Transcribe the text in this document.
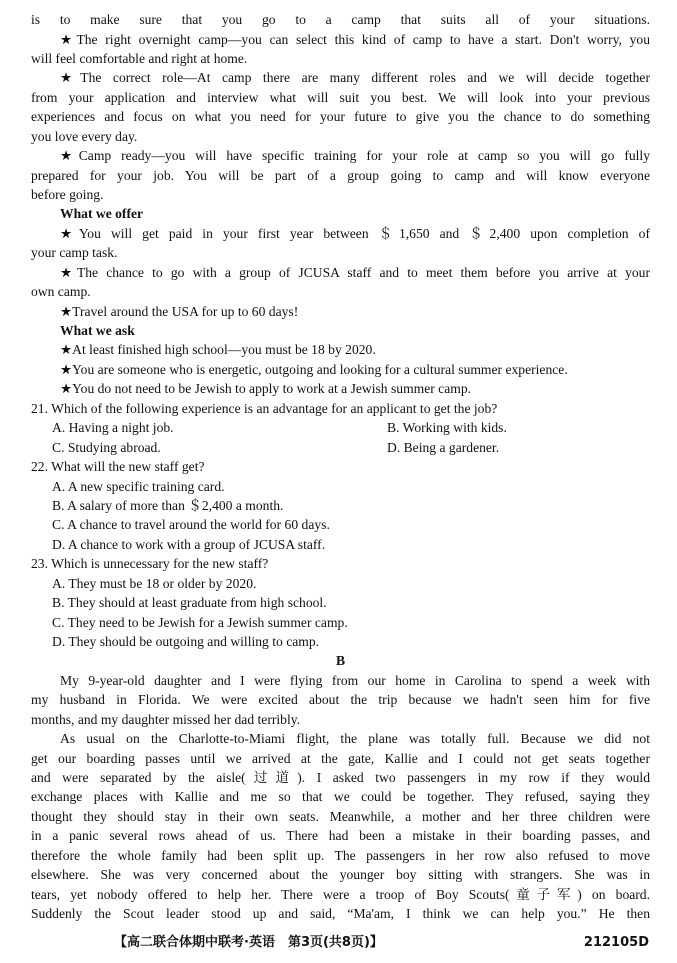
is to make sure that you go to a camp that suits all of your situations.
★The right overnight camp—you can select this kind of camp to have a start. Don't worry, you
will feel comfortable and right at home.
★The correct role—At camp there are many different roles and we will decide together
from your application and interview what will suit you best. We will look into your previous
experiences and focus on what you need for your future to give you the chance to do something
you love every day.
★Camp ready—you will have specific training for your role at camp so you will go fully
prepared for your job. You will be part of a group going to camp and will know everyone
before going.
What we offer
★You will get paid in your first year between ＄1,650 and ＄2,400 upon completion of
your camp task.
★The chance to go with a group of JCUSA staff and to meet them before you arrive at your
own camp.
★Travel around the USA for up to 60 days!
What we ask
★At least finished high school—you must be 18 by 2020.
★You are someone who is energetic, outgoing and looking for a cultural summer experience.
★You do not need to be Jewish to apply to work at a Jewish summer camp.
21. Which of the following experience is an advantage for an applicant to get the job?
A. Having a night job.	B. Working with kids.
C. Studying abroad.	D. Being a gardener.
22. What will the new staff get?
A. A new specific training card.
B. A salary of more than ＄2,400 a month.
C. A chance to travel around the world for 60 days.
D. A chance to work with a group of JCUSA staff.
23. Which is unnecessary for the new staff?
A. They must be 18 or older by 2020.
B. They should at least graduate from high school.
C. They need to be Jewish for a Jewish summer camp.
D. They should be outgoing and willing to camp.
B
My 9-year-old daughter and I were flying from our home in Carolina to spend a week with
my husband in Florida. We were excited about the trip because we hadn't seen him for five
months, and my daughter missed her dad terribly.
As usual on the Charlotte-to-Miami flight, the plane was totally full. Because we did not
get our boarding passes until we arrived at the gate, Kallie and I could not get seats together
and were separated by the aisle(过道). I asked two passengers in my row if they would
exchange places with Kallie and me so that we could be together. They refused, saying they
thought they should stay in their own seats. Meanwhile, a mother and her three children were
in a panic several rows ahead of us. There had been a mistake in their boarding passes, and
therefore the whole family had been split up. The passengers in her row also refused to move
elsewhere. She was very concerned about the younger boy sitting with strangers. She was in
tears, yet nobody offered to help her. There were a troop of Boy Scouts(童子军) on board.
Suddenly the Scout leader stood up and said, “Ma'am, I think we can help you.” He then
【高二联合体期中联考·英语　第3页(共8页)】	212105D
